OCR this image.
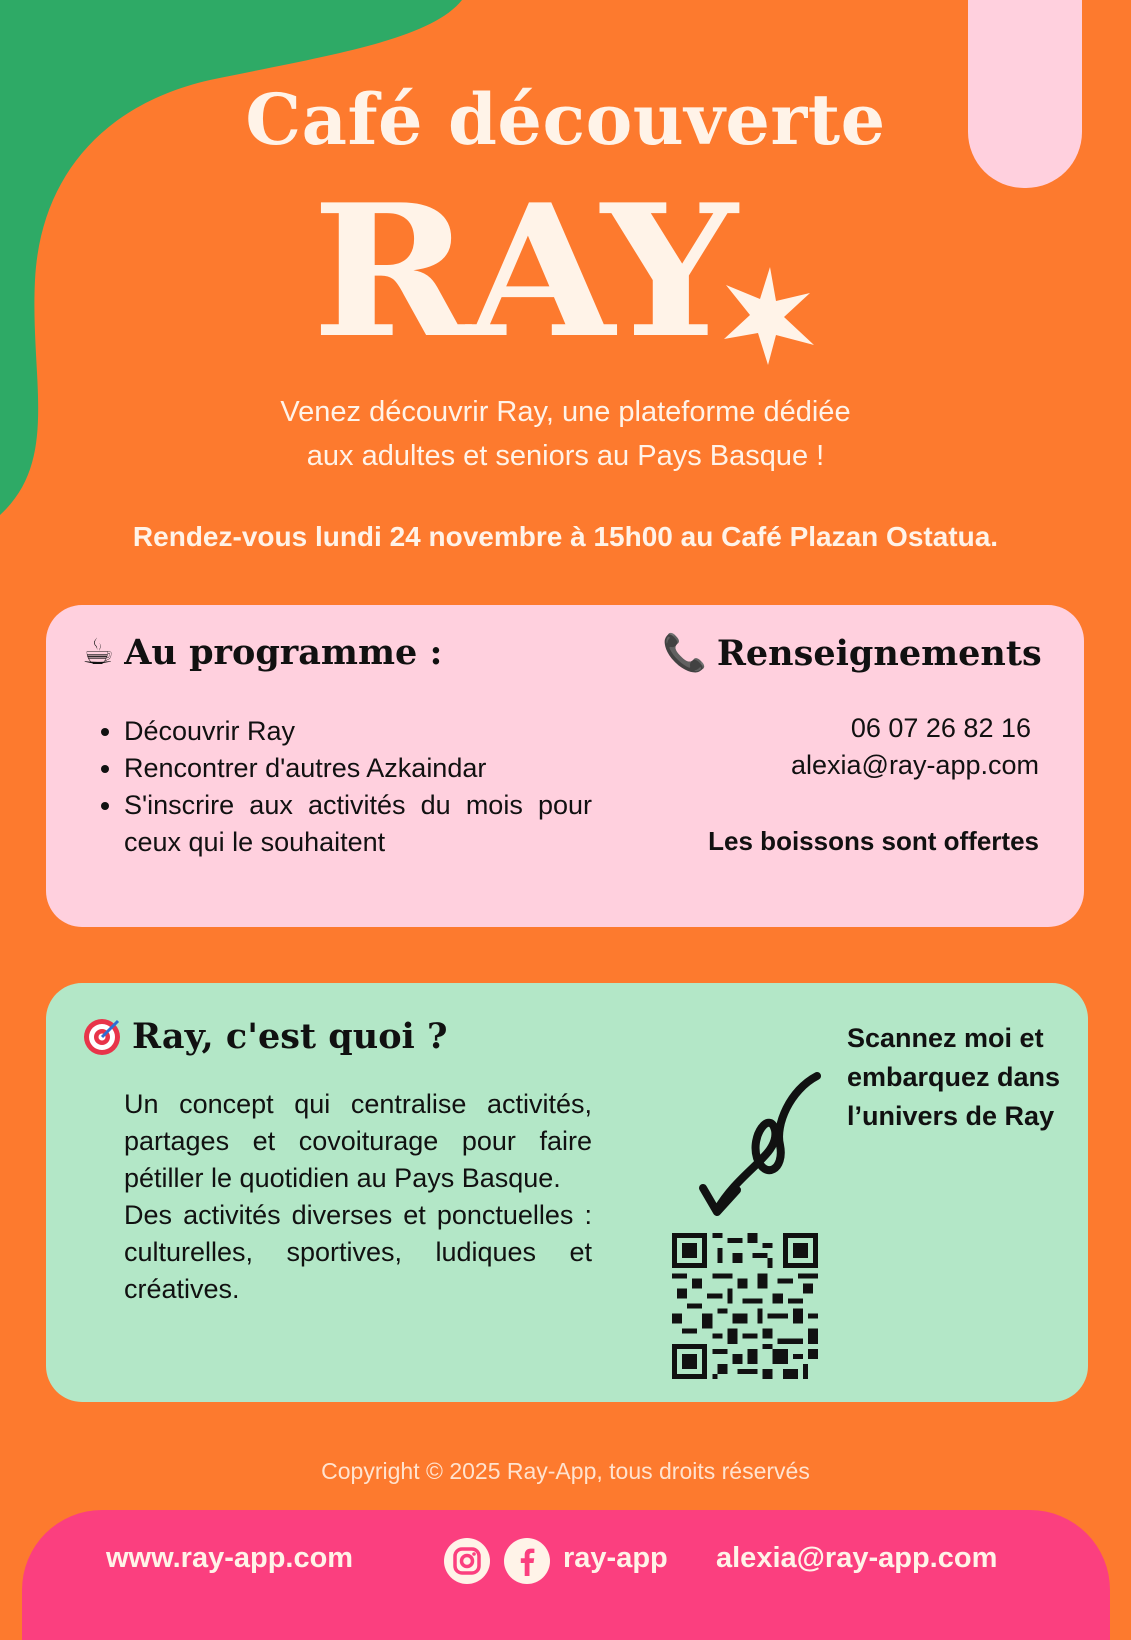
Café découverte
RAY
Venez découvrir Ray, une plateforme dédiée
aux adultes et seniors au Pays Basque !
Rendez-vous lundi 24 novembre à 15h00 au Café Plazan Ostatua.
☕ Au programme :
• Découvrir Ray
• Rencontrer d'autres Azkaindar
• S'inscrire aux activités du mois pour ceux qui le souhaitent
📞 Renseignements
06 07 26 82 16
alexia@ray-app.com
Les boissons sont offertes
Ray, c'est quoi ?

Un concept qui centralise activités, partages et covoiturage pour faire pétiller le quotidien au Pays Basque.

Des activités diverses et ponctuelles : culturelles, sportives, ludiques et créatives.

Scannez moi et embarquez dans l’univers de Ray
Copyright © 2025 Ray-App, tous droits réservés
www.ray-app.com	ray-app alexia@ray-app.com
